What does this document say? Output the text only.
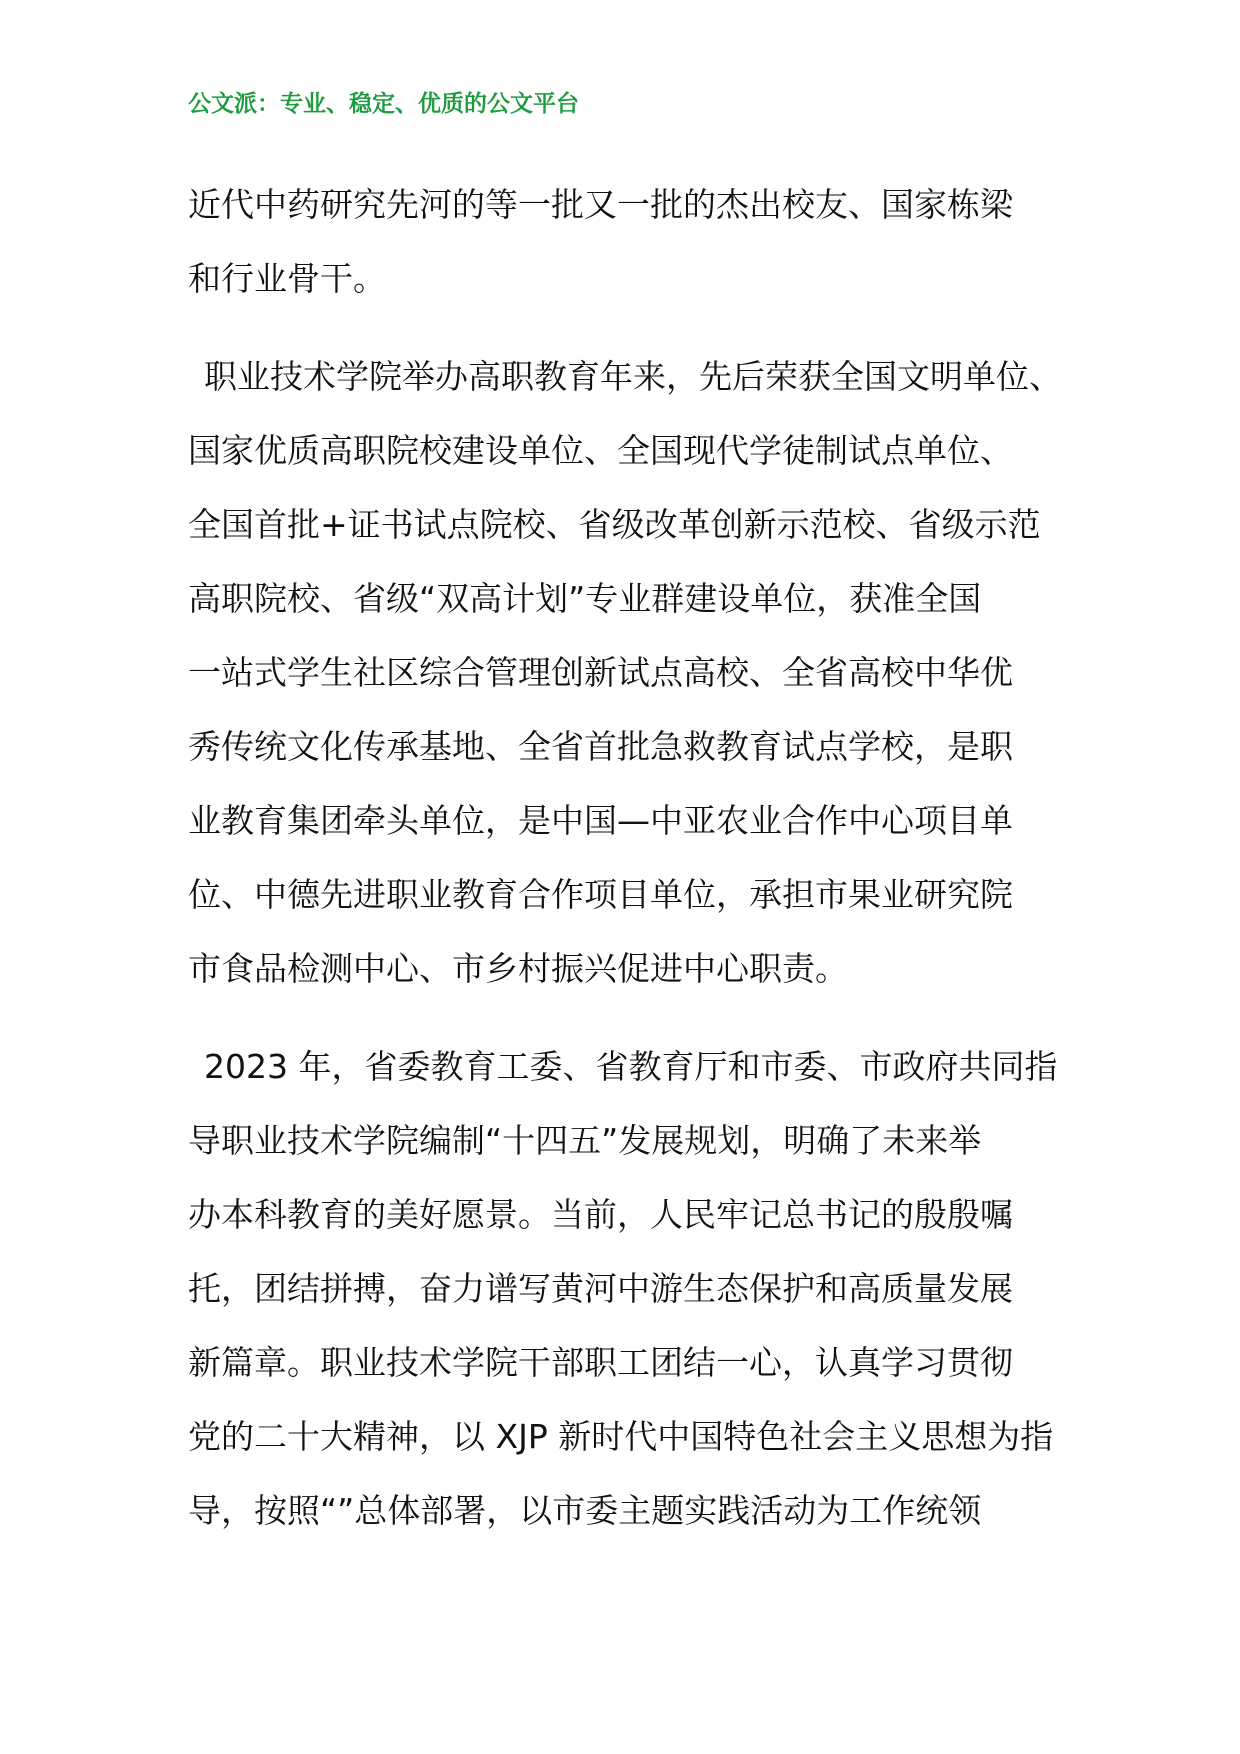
公文派：专业、稳定、优质的公文平台
近代中药研究先河的等一批又一批的杰出校友、国家栋梁
和行业骨干。
职业技术学院举办高职教育年来，先后荣获全国文明单位、
国家优质高职院校建设单位、全国现代学徒制试点单位、
全国首批+证书试点院校、省级改革创新示范校、省级示范
高职院校、省级“双高计划”专业群建设单位，获准全国
一站式学生社区综合管理创新试点高校、全省高校中华优
秀传统文化传承基地、全省首批急救教育试点学校，是职
业教育集团牵头单位，是中国—中亚农业合作中心项目单
位、中德先进职业教育合作项目单位，承担市果业研究院
市食品检测中心、市乡村振兴促进中心职责。
2023 年，省委教育工委、省教育厅和市委、市政府共同指
导职业技术学院编制“十四五”发展规划，明确了未来举
办本科教育的美好愿景。当前，人民牢记总书记的殷殷嘱
托，团结拼搏，奋力谱写黄河中游生态保护和高质量发展
新篇章。职业技术学院干部职工团结一心，认真学习贯彻
党的二十大精神，以 XJP 新时代中国特色社会主义思想为指
导，按照“”总体部署，以市委主题实践活动为工作统领
